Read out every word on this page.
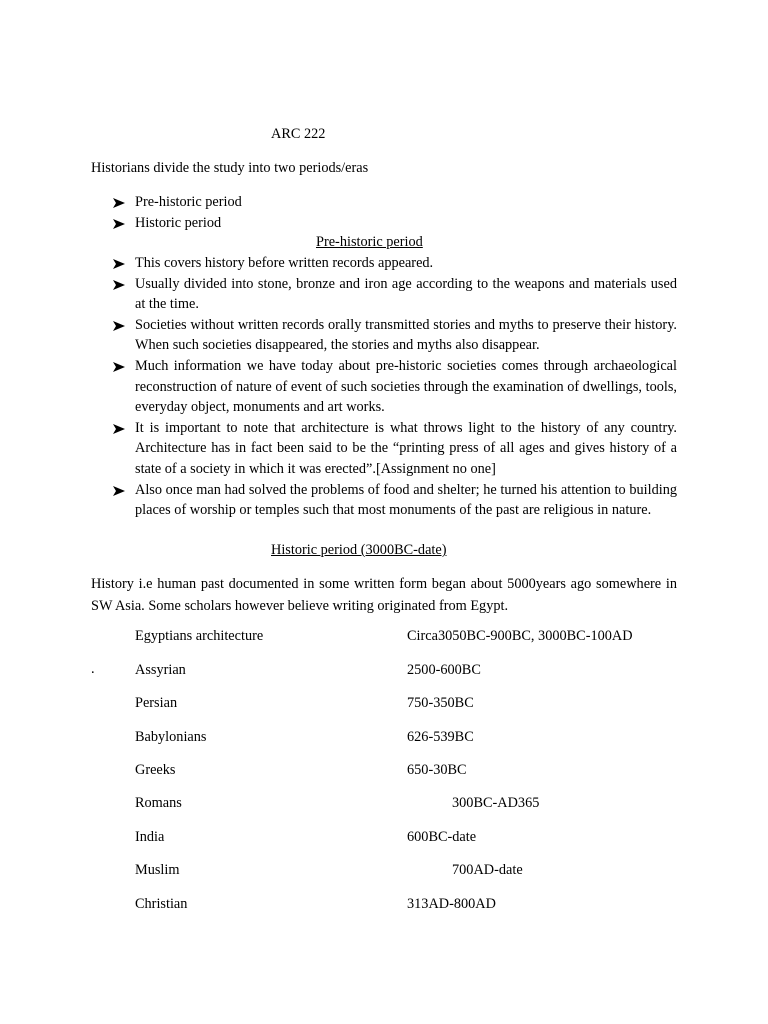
ARC 222
Historians divide the study into two periods/eras
Pre-historic period
Historic period
Pre-historic period
This covers history before written records appeared.
Usually divided into stone, bronze and iron age according to the weapons and materials used at the time.
Societies without written records orally transmitted stories and myths to preserve their history. When such societies disappeared, the stories and myths also disappear.
Much information we have today about pre-historic societies comes through archaeological reconstruction of nature of event of such societies through the examination of dwellings, tools, everyday object, monuments and art works.
It is important to note that architecture is what throws light to the history of any country. Architecture has in fact been said to be the “printing press of all ages and gives history of a state of a society in which it was erected”.[Assignment no one]
Also once man had solved the problems of food and shelter; he turned his attention to building places of worship or temples such that most monuments of the past are religious in nature.
Historic period (3000BC-date)

History i.e human past documented in some written form began about 5000years ago somewhere in SW Asia. Some scholars however believe writing originated from Egypt.

Egyptians architecture	Circa3050BC-900BC, 3000BC-100AD
.	Assyrian	2500-600BC
Persian	750-350BC
Babylonians	626-539BC
Greeks	650-30BC
Romans	300BC-AD365
India	600BC-date
Muslim	700AD-date
Christian	313AD-800AD
